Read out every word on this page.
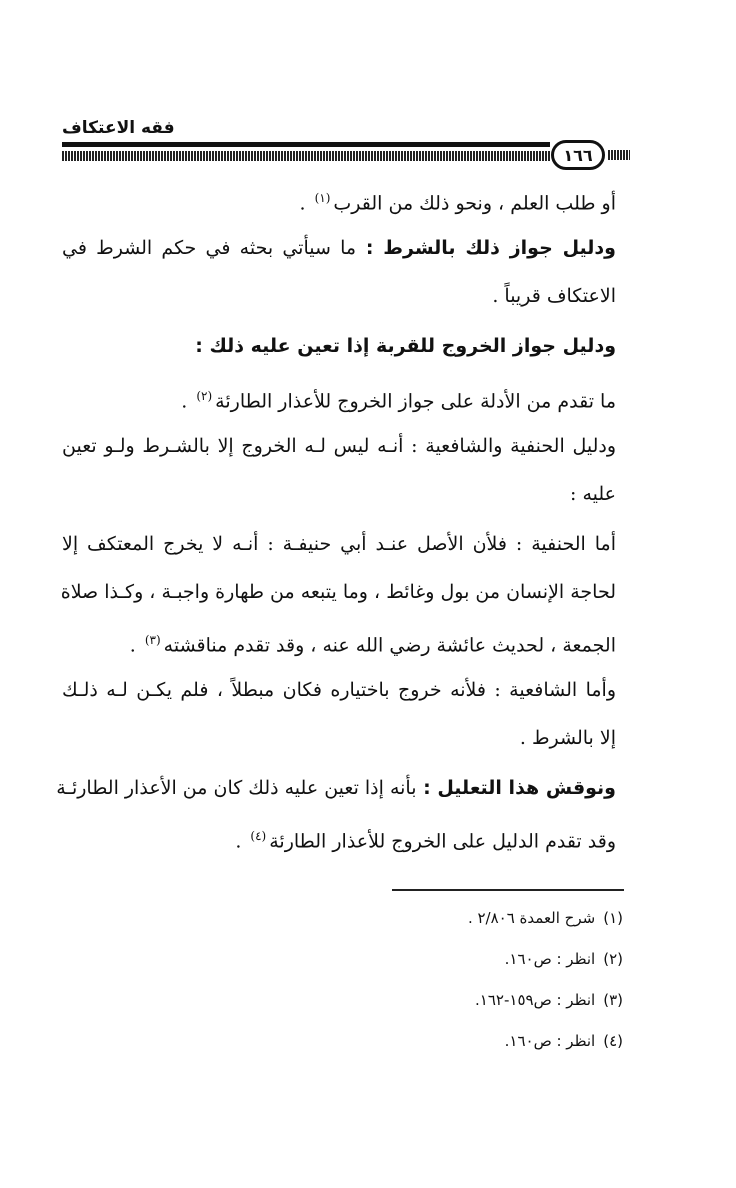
فقه الاعتكاف
١٦٦
أو طلب العلم ، ونحو ذلك من القرب$^{(١)}$ .
ودليل جواز ذلك بالشرط : ما سيأتي بحثه في حكم الشرط في
الاعتكاف قريباً .
ودليل جواز الخروج للقربة إذا تعين عليه ذلك :
ما تقدم من الأدلة على جواز الخروج للأعذار الطارئة$^{(٢)}$ .
ودليل الحنفية والشافعية : أنـه ليس لـه الخروج إلا بالشـرط ولـو تعين
عليه :
أما الحنفية : فلأن الأصل عنـد أبي حنيفـة : أنـه لا يخرج المعتكف إلا
لحاجة الإنسان من بول وغائط ، وما يتبعه من طهارة واجبـة ، وكـذا صلاة
الجمعة ، لحديث عائشة رضي الله عنه ، وقد تقدم مناقشته$^{(٣)}$ .
وأما الشافعية : فلأنه خروج باختياره فكان مبطلاً ، فلم يكـن لـه ذلـك
إلا بالشرط .
ونوقش هذا التعليل : بأنه إذا تعين عليه ذلك كان من الأعذار الطارئـة
وقد تقدم الدليل على الخروج للأعذار الطارئة$^{(٤)}$ .
(١)شرح العمدة ٢/٨٠٦ .
(٢)انظر : ص١٦٠.
(٣)انظر : ص١٥٩-١٦٢.
(٤)انظر : ص١٦٠.
